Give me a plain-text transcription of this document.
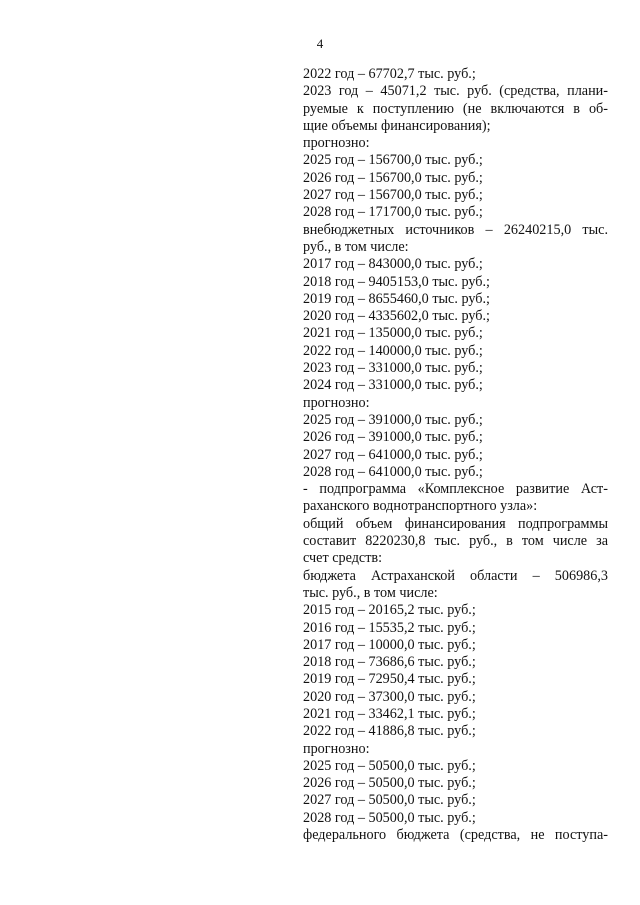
4
2022 год – 67702,7 тыс. руб.;
2023 год – 45071,2 тыс. руб. (средства, плани-
руемые к поступлению (не включаются в об-
щие объемы финансирования);
прогнозно:
2025 год – 156700,0 тыс. руб.;
2026 год – 156700,0 тыс. руб.;
2027 год – 156700,0 тыс. руб.;
2028 год – 171700,0 тыс. руб.;
внебюджетных источников – 26240215,0 тыс.
руб., в том числе:
2017 год – 843000,0 тыс. руб.;
2018 год – 9405153,0 тыс. руб.;
2019 год – 8655460,0 тыс. руб.;
2020 год – 4335602,0 тыс. руб.;
2021 год – 135000,0 тыс. руб.;
2022 год – 140000,0 тыс. руб.;
2023 год – 331000,0 тыс. руб.;
2024 год – 331000,0 тыс. руб.;
прогнозно:
2025 год – 391000,0 тыс. руб.;
2026 год – 391000,0 тыс. руб.;
2027 год – 641000,0 тыс. руб.;
2028 год – 641000,0 тыс. руб.;
- подпрограмма «Комплексное развитие Аст-
раханского воднотранспортного узла»:
общий объем финансирования подпрограммы
составит 8220230,8 тыс. руб., в том числе за
счет средств:
бюджета Астраханской области – 506986,3
тыс. руб., в том числе:
2015 год – 20165,2 тыс. руб.;
2016 год – 15535,2 тыс. руб.;
2017 год – 10000,0 тыс. руб.;
2018 год – 73686,6 тыс. руб.;
2019 год – 72950,4 тыс. руб.;
2020 год – 37300,0 тыс. руб.;
2021 год – 33462,1 тыс. руб.;
2022 год – 41886,8 тыс. руб.;
прогнозно:
2025 год – 50500,0 тыс. руб.;
2026 год – 50500,0 тыс. руб.;
2027 год – 50500,0 тыс. руб.;
2028 год – 50500,0 тыс. руб.;
федерального бюджета (средства, не поступа-
